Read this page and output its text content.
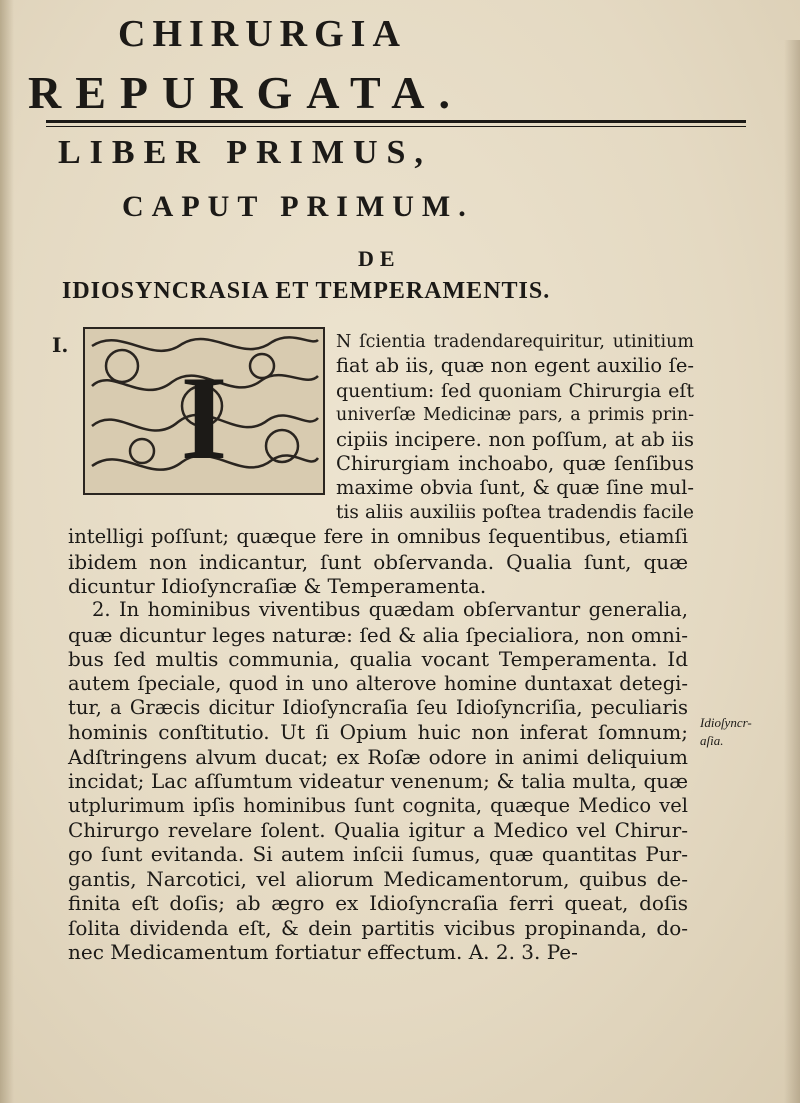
CHIRURGIA
REPURGATA.
LIBER PRIMUS,
CAPUT PRIMUM.
DE
IDIOSYNCRASIA ET TEMPERAMENTIS.
I.
I
N ſcientia tradendarequiritur, utinitium
fiat ab iis, quæ non egent auxilio ſe-
quentium: ſed quoniam Chirurgia eſt
univerſæ Medicinæ pars, a primis prin-
cipiis incipere. non poſſum, at ab iis
Chirurgiam inchoabo, quæ ſenſibus
maxime obvia ſunt, & quæ ſine mul-
tis aliis auxiliis poſtea tradendis facile
intelligi poſſunt; quæque fere in omnibus ſequentibus, etiamſi
ibidem non indicantur, ſunt obſervanda. Qualia ſunt, quæ
dicuntur Idioſyncraſiæ & Temperamenta.
2. In hominibus viventibus quædam obſervantur generalia,
quæ dicuntur leges naturæ: ſed & alia ſpecialiora, non omni-
bus ſed multis communia, qualia vocant Temperamenta. Id
autem ſpeciale, quod in uno alterove homine duntaxat detegi-
tur, a Græcis dicitur Idioſyncraſia ſeu Idioſyncriſia, peculiaris
hominis conſtitutio. Ut ſi Opium huic non inferat ſomnum;
Adſtringens alvum ducat; ex Roſæ odore in animi deliquium
incidat; Lac aſſumtum videatur venenum; & talia multa, quæ
utplurimum ipſis hominibus ſunt cognita, quæque Medico vel
Chirurgo revelare ſolent. Qualia igitur a Medico vel Chirur-
go ſunt evitanda. Si autem inſcii ſumus, quæ quantitas Pur-
gantis, Narcotici, vel aliorum Medicamentorum, quibus de-
finita eſt doſis; ab ægro ex Idioſyncraſia ferri queat, doſis
ſolita dividenda eſt, & dein partitis vicibus propinanda, do-
nec Medicamentum fortiatur effectum. A. 2. 3. Pe-
Idioſyncr-
aſia.
